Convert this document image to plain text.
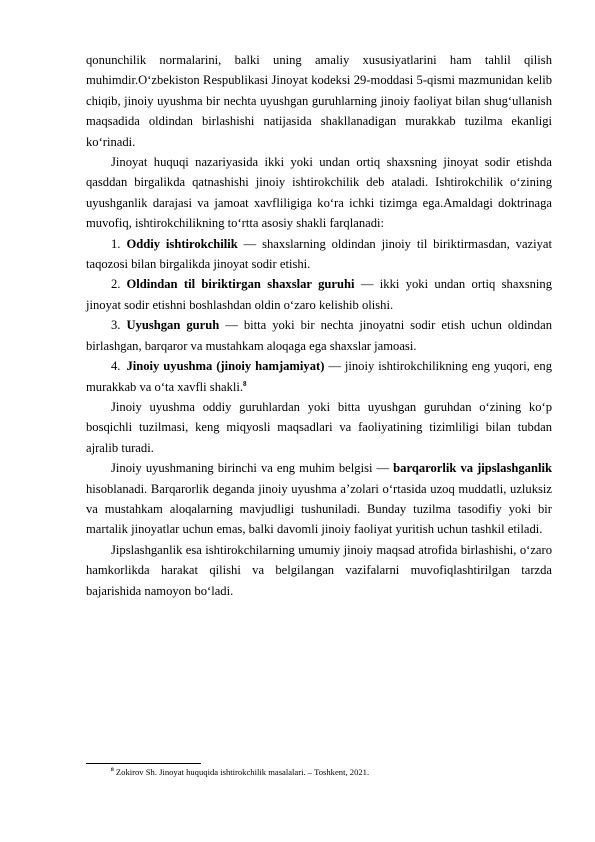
qonunchilik normalarini, balki uning amaliy xususiyatlarini ham tahlil qilish muhimdir.O‘zbekiston Respublikasi Jinoyat kodeksi 29-moddasi 5-qismi mazmunidan kelib chiqib, jinoiy uyushma bir nechta uyushgan guruhlarning jinoiy faoliyat bilan shug‘ullanish maqsadida oldindan birlashishi natijasida shakllanadigan murakkab tuzilma ekanligi ko‘rinadi.

Jinoyat huquqi nazariyasida ikki yoki undan ortiq shaxsning jinoyat sodir etishda qasddan birgalikda qatnashishi jinoiy ishtirokchilik deb ataladi. Ishtirokchilik oʻzining uyushganlik darajasi va jamoat xavfliligiga koʻra ichki tizimga ega.Amaldagi doktrinaga muvofiq, ishtirokchilikning toʻrtta asosiy shakli farqlanadi:

1. Oddiy ishtirokchilik — shaxslarning oldindan jinoiy til biriktirmasdan, vaziyat taqozosi bilan birgalikda jinoyat sodir etishi.

2. Oldindan til biriktirgan shaxslar guruhi — ikki yoki undan ortiq shaxsning jinoyat sodir etishni boshlashdan oldin oʻzaro kelishib olishi.

3. Uyushgan guruh — bitta yoki bir nechta jinoyatni sodir etish uchun oldindan birlashgan, barqaror va mustahkam aloqaga ega shaxslar jamoasi.

4. Jinoiy uyushma (jinoiy hamjamiyat) — jinoiy ishtirokchilikning eng yuqori, eng murakkab va oʻta xavfli shakli.$^8$

Jinoiy uyushma oddiy guruhlardan yoki bitta uyushgan guruhdan oʻzining koʻp bosqichli tuzilmasi, keng miqyosli maqsadlari va faoliyatining tizimliligi bilan tubdan ajralib turadi.

Jinoiy uyushmaning birinchi va eng muhim belgisi — barqarorlik va jipslashganlik hisoblanadi. Barqarorlik deganda jinoiy uyushma a’zolari o‘rtasida uzoq muddatli, uzluksiz va mustahkam aloqalarning mavjudligi tushuniladi. Bunday tuzilma tasodifiy yoki bir martalik jinoyatlar uchun emas, balki davomli jinoiy faoliyat yuritish uchun tashkil etiladi.

Jipslashganlik esa ishtirokchilarning umumiy jinoiy maqsad atrofida birlashishi, o‘zaro hamkorlikda harakat qilishi va belgilangan vazifalarni muvofiqlashtirilgan tarzda bajarishida namoyon bo‘ladi.

$^8$ Zokirov Sh. Jinoyat huquqida ishtirokchilik masalalari. – Toshkent, 2021.
